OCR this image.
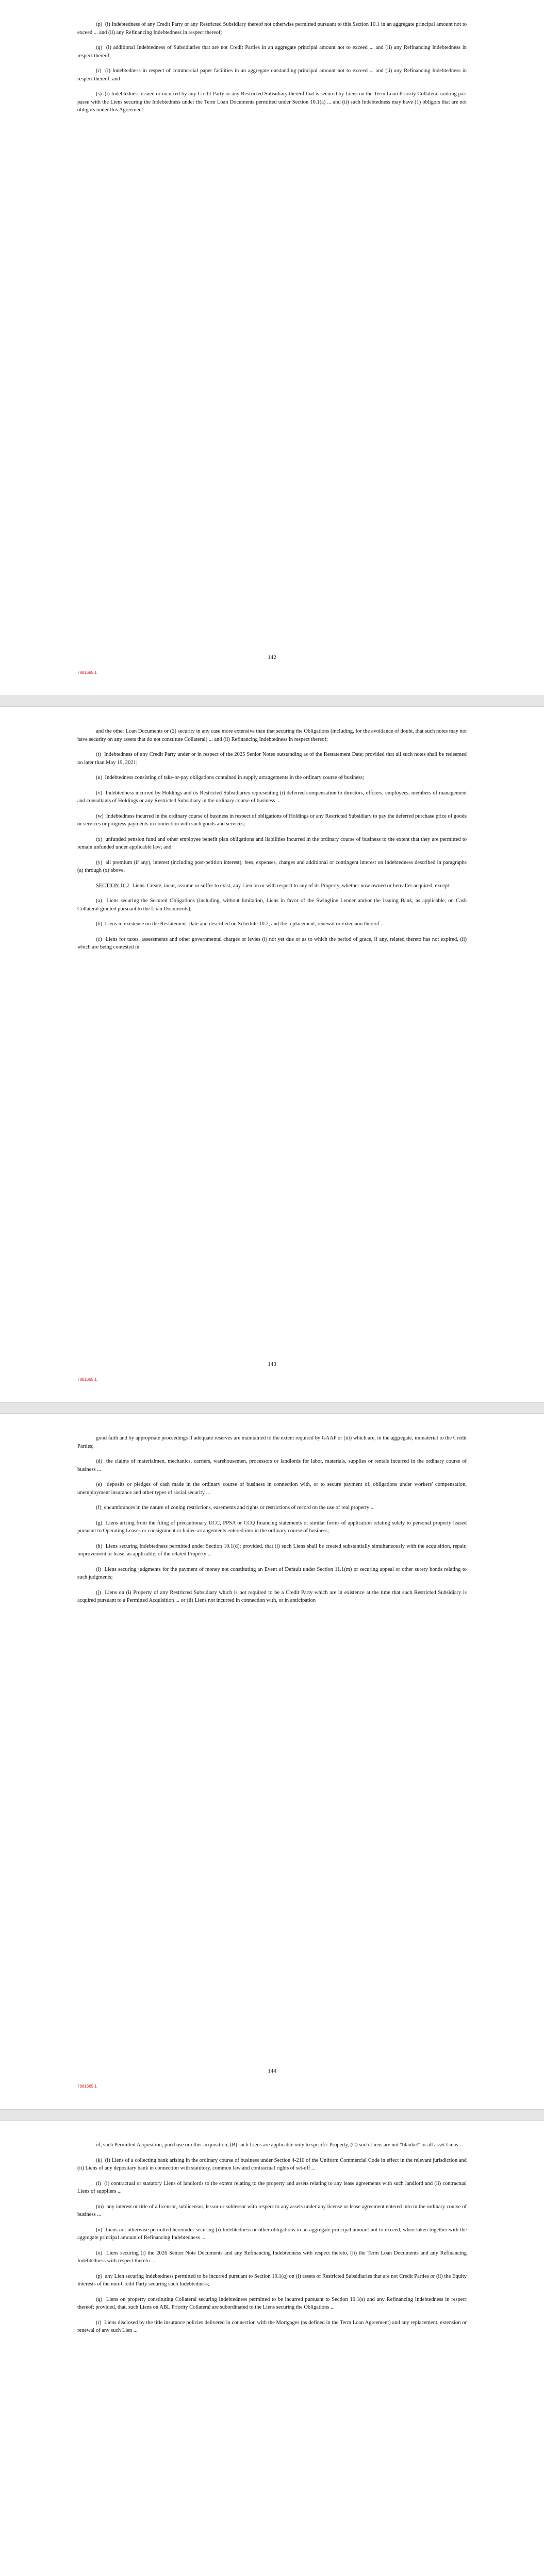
(p) (i) Indebtedness of any Credit Party or any Restricted Subsidiary thereof not otherwise permitted pursuant to this Section 10.1 in an aggregate principal amount not to exceed ... and (ii) any Refinancing Indebtedness in respect thereof;

(q) (i) additional Indebtedness of Subsidiaries that are not Credit Parties in an aggregate principal amount not to exceed ... and (ii) any Refinancing Indebtedness in respect thereof;

(r) (i) Indebtedness in respect of commercial paper facilities in an aggregate outstanding principal amount not to exceed ... and (ii) any Refinancing Indebtedness in respect thereof; and

(s) (i) Indebtedness issued or incurred by any Credit Party or any Restricted Subsidiary thereof that is secured by Liens on the Term Loan Priority Collateral ranking pari passu with the Liens securing the Indebtedness under the Term Loan Documents permitted under Section 10.1(a) ... and (ii) such Indebtedness may have (1) obligors that are not obligors under this Agreement

142
7881665.1

and the other Loan Documents or (2) security in any case more extensive than that securing the Obligations (including, for the avoidance of doubt, that such notes may not have security on any assets that do not constitute Collateral) ... and (ii) Refinancing Indebtedness in respect thereof;

(t) Indebtedness of any Credit Party under or in respect of the 2025 Senior Notes outstanding as of the Restatement Date; provided that all such notes shall be redeemed no later than May 19, 2021;

(u) Indebtedness consisting of take-or-pay obligations contained in supply arrangements in the ordinary course of business;

(v) Indebtedness incurred by Holdings and its Restricted Subsidiaries representing (i) deferred compensation to directors, officers, employees, members of management and consultants of Holdings or any Restricted Subsidiary in the ordinary course of business ...

(w) Indebtedness incurred in the ordinary course of business in respect of obligations of Holdings or any Restricted Subsidiary to pay the deferred purchase price of goods or services or progress payments in connection with such goods and services;

(x) unfunded pension fund and other employee benefit plan obligations and liabilities incurred in the ordinary course of business to the extent that they are permitted to remain unfunded under applicable law; and

(y) all premium (if any), interest (including post-petition interest), fees, expenses, charges and additional or contingent interest on Indebtedness described in paragraphs (a) through (x) above.

SECTION 10.2 Liens. Create, incur, assume or suffer to exist, any Lien on or with respect to any of its Property, whether now owned or hereafter acquired, except:

(a) Liens securing the Secured Obligations (including, without limitation, Liens in favor of the Swingline Lender and/or the Issuing Bank, as applicable, on Cash Collateral granted pursuant to the Loan Documents);

(b) Liens in existence on the Restatement Date and described on Schedule 10.2, and the replacement, renewal or extension thereof ...

(c) Liens for taxes, assessments and other governmental charges or levies (i) not yet due or as to which the period of grace, if any, related thereto has not expired, (ii) which are being contested in

143
7881665.1

good faith and by appropriate proceedings if adequate reserves are maintained to the extent required by GAAP or (iii) which are, in the aggregate, immaterial to the Credit Parties;

(d) the claims of materialmen, mechanics, carriers, warehousemen, processors or landlords for labor, materials, supplies or rentals incurred in the ordinary course of business ...

(e) deposits or pledges of cash made in the ordinary course of business in connection with, or to secure payment of, obligations under workers' compensation, unemployment insurance and other types of social security ...

(f) encumbrances in the nature of zoning restrictions, easements and rights or restrictions of record on the use of real property ...

(g) Liens arising from the filing of precautionary UCC, PPSA or CCQ financing statements or similar forms of application relating solely to personal property leased pursuant to Operating Leases or consignment or bailee arrangements entered into in the ordinary course of business;

(h) Liens securing Indebtedness permitted under Section 10.1(d); provided, that (i) such Liens shall be created substantially simultaneously with the acquisition, repair, improvement or lease, as applicable, of the related Property ...

(i) Liens securing judgments for the payment of money not constituting an Event of Default under Section 11.1(m) or securing appeal or other surety bonds relating to such judgments;

(j) Liens on (i) Property of any Restricted Subsidiary which is not required to be a Credit Party which are in existence at the time that such Restricted Subsidiary is acquired pursuant to a Permitted Acquisition ... or (ii) Liens not incurred in connection with, or in anticipation

144
7881665.1

of, such Permitted Acquisition, purchase or other acquisition, (B) such Liens are applicable only to specific Property, (C) such Liens are not "blanket" or all asset Liens ...

(k) (i) Liens of a collecting bank arising in the ordinary course of business under Section 4-210 of the Uniform Commercial Code in effect in the relevant jurisdiction and (ii) Liens of any depositary bank in connection with statutory, common law and contractual rights of set-off ...

(l) (i) contractual or statutory Liens of landlords to the extent relating to the property and assets relating to any lease agreements with such landlord and (ii) contractual Liens of suppliers ...

(m) any interest or title of a licensor, sublicensor, lessor or sublessor with respect to any assets under any license or lease agreement entered into in the ordinary course of business ...

(n) Liens not otherwise permitted hereunder securing (i) Indebtedness or other obligations in an aggregate principal amount not to exceed, when taken together with the aggregate principal amount of Refinancing Indebtedness ...

(o) Liens securing (i) the 2026 Senior Note Documents and any Refinancing Indebtedness with respect thereto, (ii) the Term Loan Documents and any Refinancing Indebtedness with respect thereto ...

(p) any Lien securing Indebtedness permitted to be incurred pursuant to Section 10.1(q) on (i) assets of Restricted Subsidiaries that are not Credit Parties or (ii) the Equity Interests of the non-Credit Party securing such Indebtedness;

(q) Liens on property constituting Collateral securing Indebtedness permitted to be incurred pursuant to Section 10.1(s) and any Refinancing Indebtedness in respect thereof; provided, that, such Liens on ABL Priority Collateral are subordinated to the Liens securing the Obligations ...

(r) Liens disclosed by the title insurance policies delivered in connection with the Mortgages (as defined in the Term Loan Agreement) and any replacement, extension or renewal of any such Lien ...
